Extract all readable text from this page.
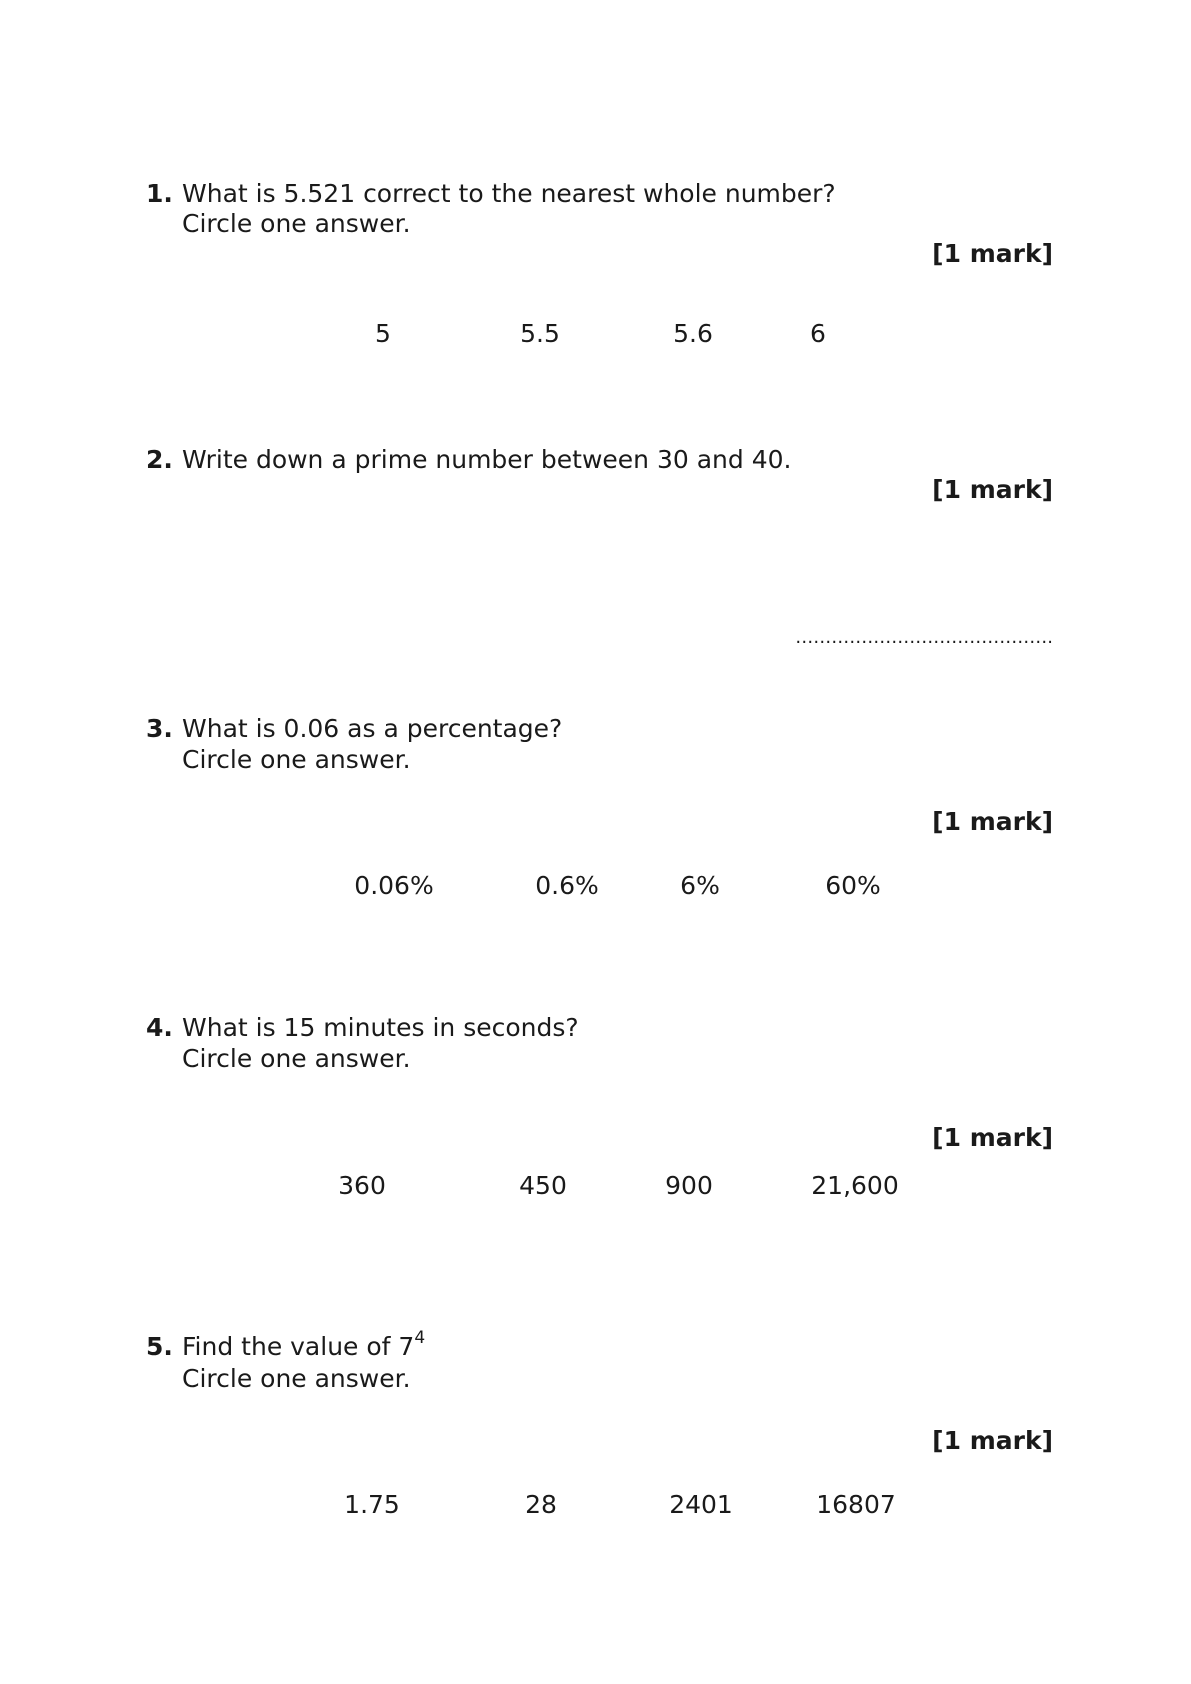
1. What is 5.521 correct to the nearest whole number?
Circle one answer.
[1 mark]
5	5.5	5.6	6
2. Write down a prime number between 30 and 40.
[1 mark]
…………………………………….
3. What is 0.06 as a percentage?
Circle one answer.
[1 mark]
0.06%	0.6%	6%	60%
4. What is 15 minutes in seconds?
Circle one answer.
[1 mark]
360	450	900	21,600
5. Find the value of $7^4$
Circle one answer.
[1 mark]
1.75	28	2401	16807
